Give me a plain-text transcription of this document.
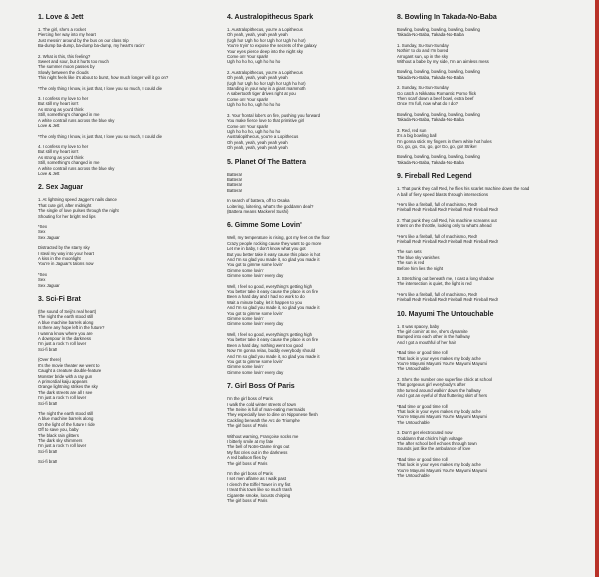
1. Love & Jett
1. The girl, she's a rocket
Piercing her way into my heart
Just messin' around by the bus on our class trip
Ba-dump ba-dump, ba-dump ba-dump, my heart's racin'
2. What is this, this feeling?
Sweet and sour, but it hurts too much
The summer moon passes by
Slowly between the clouds
This night feels like it's about to burst, how much longer will it go on?
*The only thing I know, is just that, I love you so much, I could die
3. I confess my love to her
But still my heart isn't
As strong as you'd think
Still, something's changed in me
A white contrail runs across the blue sky
Love & Jett
*The only thing I know, is just that, I love you so much, I could die
4. I confess my love to her
But still my heart isn't
As strong as you'd think
Still, something's changed in me
A white contrail runs across the blue sky
Love & Jett
2. Sex Jaguar
1. At lightning speed Jagger's nails dance
That cute girl, after midnight
The single of love pulses through the night
Shouting for her bright red lips
*Sex
Sex
Sex Jaguar
Distracted by the starry sky
I steal my way into your heart
A kiss in the moonlight
You're in Jaguar's talons now
*Sex
Sex
Sex Jaguar
3. Sci-Fi Brat
(the sound of Seiji's real heart)
The night the earth stood still
A blue machine barrels along
Is there any hope left in the future?
I wanna know where you are
A downpour in the darkness
I'm just a rock 'n roll lover
Sci-fi brat!
(Over there)
It's the movie theater we went to
Caught a creature double-feature
Monster bride with a ray gun
A primordial kaiju appears
Orange lightning strikes the sky
The dark streets are all I see
I'm just a rock 'n roll lover
Sci-fi brat!
The night the earth stood still
A blue machine barrels along
On the light of the future I ride
Off to save you, baby
The black rain glitters
The dark sky shimmers
I'm just a rock 'n roll lover
Sci-fi brat!
Sci-fi brat!
4. Australopithecus Spark
1. Australopithecus, you're a Lopithecus
Oh yeah, yeah, yeah yeah yeah
(Ugh ho! Ugh ho ho! Ugh ho! Ugh ho ho!)
You're tryin' to expose the secrets of the galaxy
Your eyes pierce deep into the night sky
Come on! Your spark!
Ugh ho ho ho, ugh ho ho ho
2. Australopithecus, you're a Lopithecus
Oh yeah, yeah, yeah yeah yeah
(Ugh ho! Ugh ho ho! Ugh ho! Ugh ho ho!)
Standing in your way is a giant mammoth
A sabertooth tiger drives right at you
Come on! Your spark!
Ugh ho ho ho, ugh ho ho ho
3. Your frontal lobe's on fire, pushing you forward
You make fierce love to that primitive girl
Come on! Your spark!
Ugh ho ho ho, ugh ho ho ho
Australopithecus, you're a Lopithecus
Oh yeah, yeah, yeah yeah yeah
Oh yeah, yeah, yeah yeah yeah
5. Planet Of The Battera
Battera!
Battera!
Battera!
Battera!
In search of battera, off to Osaka
Loitering, loitering, what's the goddamn deal?
(Battera means Mackerel Sushi)
6. Gimme Some Lovin'
Well, my temperature is rising, got my feet on the floor
Crazy people rocking cause they want to go more
Let me in baby, I don't know what you got
But you better take it easy cause this place is hot
And I'm so glad you made it, so glad you made it
You got to gimme some lovin'
Gimme some lovin'
Gimme some lovin' every day
Well, I feel so good, everything's getting high
You better take it easy cause the place is on fire
Been a hard day and I had no work to do
Wait a minute baby, let it happen to you
And I'm so glad you made it, so glad you made it
You got to gimme some lovin'
Gimme some lovin'
Gimme some lovin' every day
Well, I feel so good, everything's getting high
You better take it easy cause the place is on fire
Been a hard day, nothing went too good
Now I'm gonna relax, buddy everybody should
And I'm so glad you made it, so glad you made it
You got to gimme some lovin'
Gimme some lovin'
Gimme some lovin' every day
7. Girl Boss Of Paris
I'm the girl boss of Paris
I walk the cold winter streets of town
The Seine is full of man-eating mermaids
They especially love to dine on Nipponese flesh
Cackling beneath the Arc de Triomphe
The girl boss of Paris
Without warning, Françoise socks me
I bitterly smile at my fate
The bell of Notre-Dame rings out
My flat cries out in the darkness
A red balloon flies by
The girl boss of Paris
I'm the girl boss of Paris
I set men aflame as I walk past
I clench the Eiffel Tower in my fist
I treat this town like so much trash
Cigarette smoke, locusts chirping
The girl boss of Paris
8. Bowling In Takada-No-Baba
Bowling, bowling, bowling, bowling, bowling
Takada-No-Baba, Takada-No-Baba
1. Sunday, Su-Sun-Sunday
Nothin' to do and I'm bored
Arrogant sun, up in the sky
Without a babe by my side, I'm an aimless mess
Bowling, bowling, bowling, bowling, bowling
Takada-No-Baba, Takada-No-Baba
2. Sunday, Su-Sun-Sunday
Go catch a Nikkatsu Romantic Porno flick
Then scarf down a beef bowl, extra beef
Once I'm full, now what do I do?
Bowling, bowling, bowling, bowling, bowling
Takada-No-Baba, Takada-No-Baba
3. Red, red sun
It's a big bowling ball
I'm gonna stick my fingers in them white hot holes
Go, go, go, Go, go, go! Go, go, go! Strike!
Bowling, bowling, bowling, bowling, bowling
Takada-No-Baba, Takada-No-Baba
9. Fireball Red Legend
1. That punk they call Red, he flies his scarlet machine down the road
A ball of fiery speed blasts through intersections
*He's like a fireball, full of machismo, Red!
Fireball Red! Fireball Red! Fireball Red! Fireball Red!
2. That punk they call Red, his machine screams out
Intent on the throttle, looking only to what's ahead
*He's like a fireball, full of machismo, Red!
Fireball Red! Fireball Red! Fireball Red! Fireball Red!
The sun sets
The blue sky vanishes
The sun is red
Before him lies the night
3. Stretching out beneath me, I cast a long shadow
The intersection is quiet, the light is red
*He's like a fireball, full of machismo, Red!
Fireball Red! Fireball Red! Fireball Red! Fireball Red!
10. Mayumi The Untouchable
1. It was spacey, baby
The girl comin' at me, she's dynamite
Bumped into each other in the hallway
And I got a mouthful of her hair
*Bad time or good time roll
That look in your eyes makes my body ache
You're Mayumi Mayumi You're Mayumi Mayumi
The Untouchable
2. She's the number one superfine chick at school
That gorgeous girl everybody's after
She turned around walkin' down the hallway
And I got an eyeful of that fluttering skirt of hers
*Bad time or good time roll
That look in your eyes makes my body ache
You're Mayumi Mayumi You're Mayumi Mayumi
The Untouchable
3. Don't get electrocuted now
Goddamn that chick's high voltage
The after school bell echoes through town
Sounds just like the ambulance of love
*Bad time or good time roll
That look in your eyes makes my body ache
You're Mayumi Mayumi You're Mayumi Mayumi
The Untouchable
